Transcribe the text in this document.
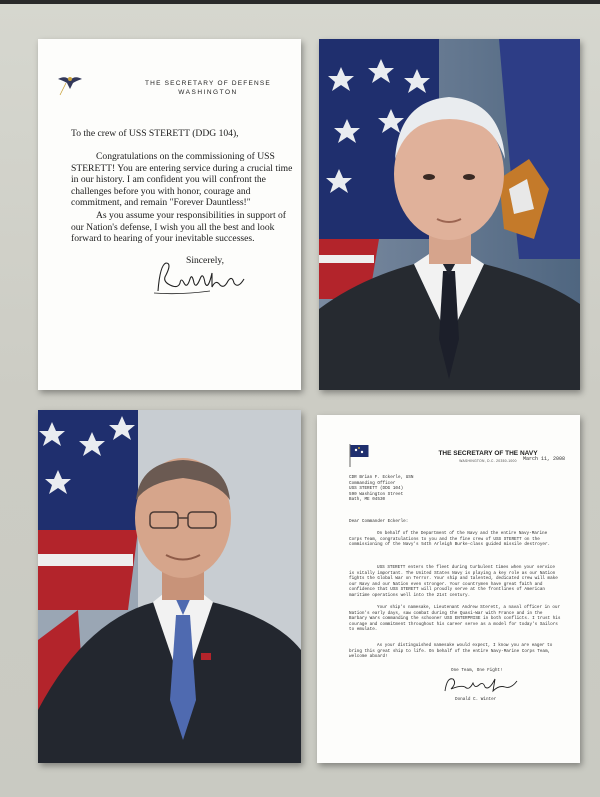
THE SECRETARY OF DEFENSE
WASHINGTON
To the crew of USS STERETT (DDG 104),
Congratulations on the commissioning of USS STERETT! You are entering service during a crucial time in our history. I am confident you will confront the challenges before you with honor, courage and commitment, and remain "Forever Dauntless!"
As you assume your responsibilities in support of our Nation's defense, I wish you all the best and look forward to hearing of your inevitable successes.
Sincerely,
THE SECRETARY OF THE NAVY
WASHINGTON, D.C. 20350-1000	March 11, 2008
CDR Brian F. Eckerle, USN
Commanding Officer
USS STERETT (DDG 104)
590 Washington Street
Bath, ME 04530
Dear Commander Eckerle:
On behalf of the Department of the Navy and the entire Navy-Marine Corps Team, congratulations to you and the fine crew of USS STERETT on the commissioning of the Navy's 54th Arleigh Burke-class guided missile destroyer.
USS STERETT enters the fleet during turbulent times when your service is vitally important. The United States Navy is playing a key role as our Nation fights the Global War on Terror. Your ship and talented, dedicated crew will make our Navy and our Nation even stronger. Your countrymen have great faith and confidence that USS STERETT will proudly serve at the frontlines of American maritime operations well into the 21st century.
Your ship's namesake, Lieutenant Andrew Sterett, a naval officer in our Nation's early days, saw combat during the Quasi-War with France and in the Barbary Wars commanding the schooner USS ENTERPRISE in both conflicts. I trust his courage and commitment throughout his career serve as a model for today's Sailors to emulate.
As your distinguished namesake would expect, I know you are eager to bring this great ship to life. On behalf of the entire Navy-Marine Corps Team, welcome aboard!
One Team, One Fight!
Donald C. Winter
